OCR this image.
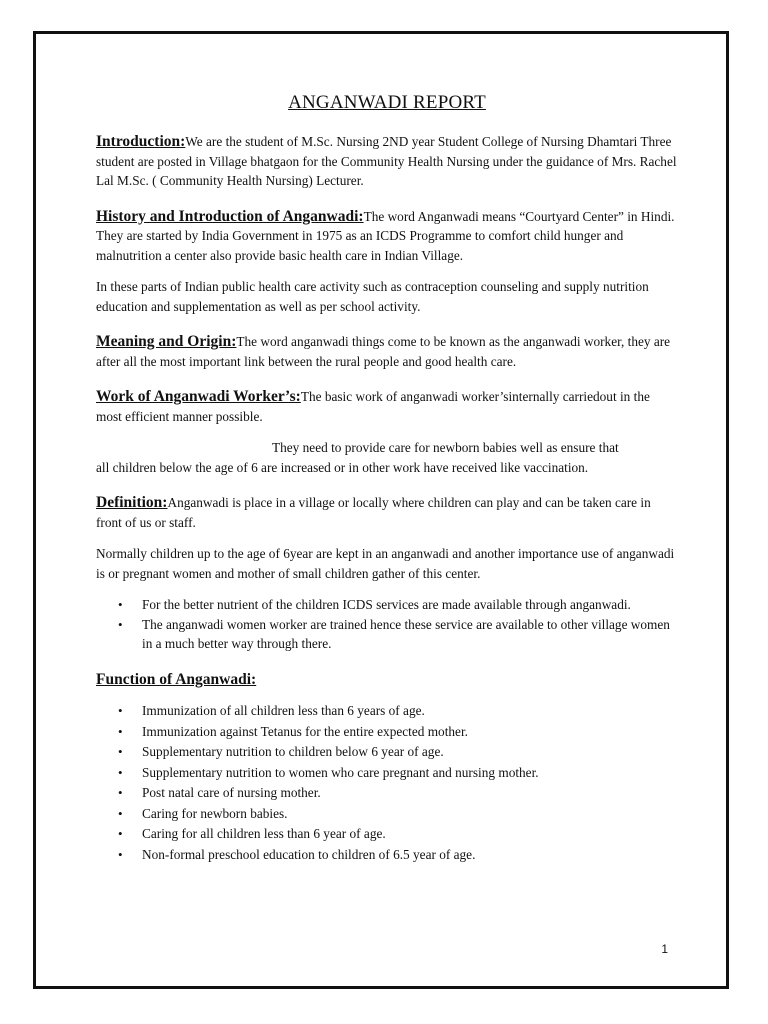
ANGANWADI REPORT

Introduction:We are the student of M.Sc. Nursing 2ND year Student College of Nursing Dhamtari Three student are posted in Village bhatgaon for the Community Health Nursing under the guidance of Mrs. Rachel Lal M.Sc. ( Community Health Nursing) Lecturer.

History and Introduction of Anganwadi:The word Anganwadi means “Courtyard Center” in Hindi. They are started by India Government in 1975 as an ICDS Programme to comfort child hunger and malnutrition a center also provide basic health care in Indian Village.

In these parts of Indian public health care activity such as contraception counseling and supply nutrition education and supplementation as well as per school activity.

Meaning and Origin:The word anganwadi things come to be known as the anganwadi worker, they are after all the most important link between the rural people and good health care.

Work of Anganwadi Worker’s:The basic work of anganwadi worker’sinternally carriedout in the most efficient manner possible.

They need to provide care for newborn babies well as ensure that
all children below the age of 6 are increased or in other work have received like vaccination.

Definition:Anganwadi is place in a village or locally where children can play and can be taken care in front of us or staff.

Normally children up to the age of 6year are kept in an anganwadi and another importance use of anganwadi is or pregnant women and mother of small children gather of this center.

• For the better nutrient of the children ICDS services are made available through anganwadi.
• The anganwadi women worker are trained hence these service are available to other village women in a much better way through there.

Function of Anganwadi:

• Immunization of all children less than 6 years of age.
• Immunization against Tetanus for the entire expected mother.
• Supplementary nutrition to children below 6 year of age.
• Supplementary nutrition to women who care pregnant and nursing mother.
• Post natal care of nursing mother.
• Caring for newborn babies.
• Caring for all children less than 6 year of age.
• Non-formal preschool education to children of 6.5 year of age.
1
